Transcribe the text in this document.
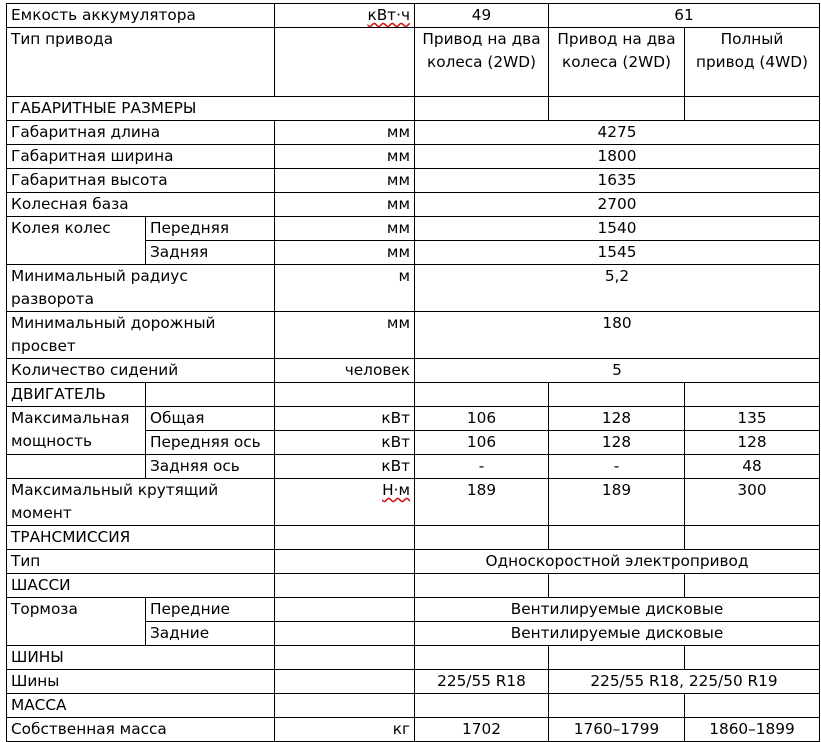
Емкость аккумулятора		кВт·ч	49	61	
Тип привода			Привод на два колеса (2WD)	Привод на два колеса (2WD)	Полный привод (4WD)
ГАБАРИТНЫЕ РАЗМЕРЫ					
Габаритная длина		мм	4275		
Габаритная ширина		мм	1800		
Габаритная высота		мм	1635		
Колесная база		мм	2700		
Колея колес	Передняя	мм	1540		
	Задняя	мм	1545		
Минимальный радиус разворота		м	5,2		
Минимальный дорожный просвет		мм	180		
Количество сидений		человек	5		
ДВИГАТЕЛЬ					
Максимальная мощность	Общая	кВт	106	128	135
	Передняя ось	кВт	106	128	128
	Задняя ось	кВт	-	-	48
Максимальный крутящий момент		Н·м	189	189	300
ТРАНСМИССИЯ					
Тип			Односкоростной электропривод		
ШАССИ					
Тормоза	Передние		Вентилируемые дисковые		
	Задние		Вентилируемые дисковые		
ШИНЫ					
Шины			225/55 R18	225/55 R18, 225/50 R19	
МАССА					
Собственная масса		кг	1702	1760–1799	1860–1899
